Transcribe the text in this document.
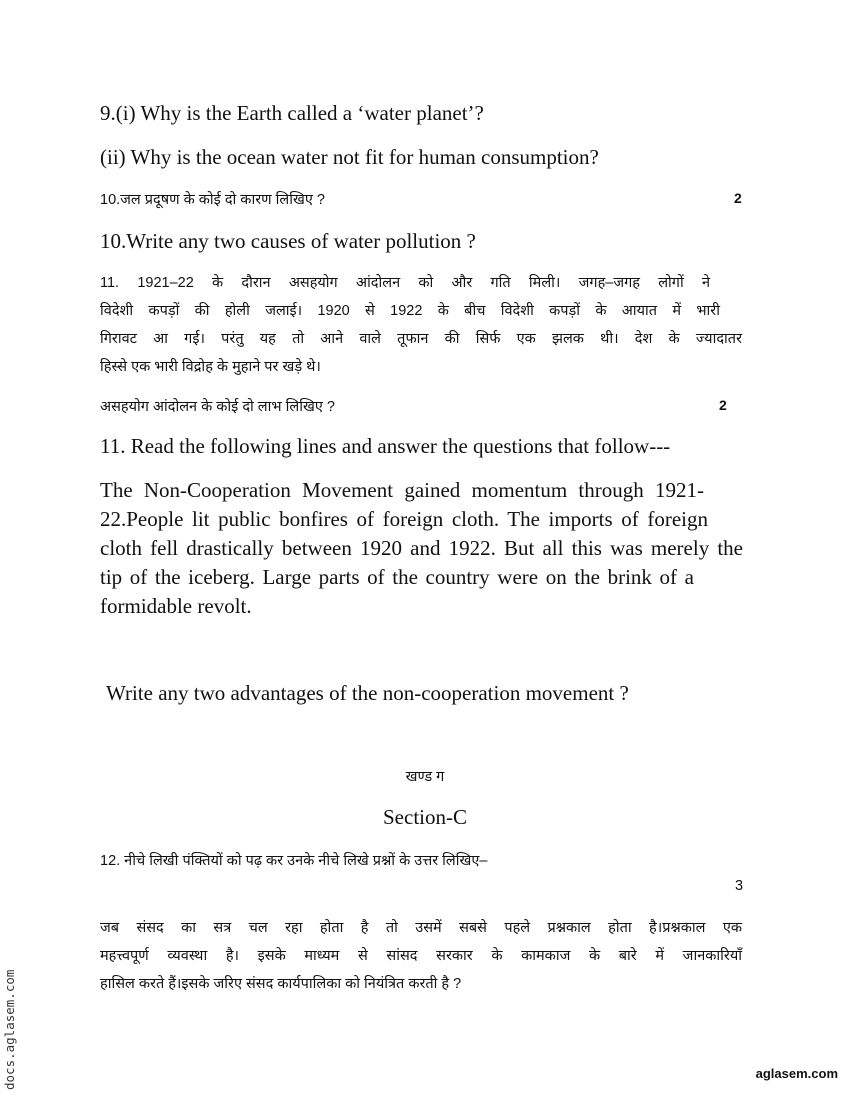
9.(i) Why is the Earth called a ‘water planet’?
(ii) Why is the ocean water not fit for human consumption?
10.जल प्रदूषण के कोई दो कारण लिखिए ?	2
10.Write any two causes of water pollution ?
11. 1921–22 के दौरान असहयोग आंदोलन को और गति मिली। जगह–जगह लोगों ने
विदेशी कपड़ों की होली जलाई। 1920 से 1922 के बीच विदेशी कपड़ों के आयात में भारी
गिरावट आ गई। परंतु यह तो आने वाले तूफान की सिर्फ एक झलक थी। देश के ज्यादातर
हिस्से एक भारी विद्रोह के मुहाने पर खड़े थे।
असहयोग आंदोलन के कोई दो लाभ लिखिए ?	2
11. Read the following lines and answer the questions that follow---
The Non-Cooperation Movement gained momentum through 1921-
22.People lit public bonfires of foreign cloth. The imports of foreign
cloth fell drastically between 1920 and 1922. But all this was merely the
tip of the iceberg. Large parts of the country were on the brink of a
formidable revolt.
Write any two advantages of the non-cooperation movement ?
खण्ड ग
Section-C
12. नीचे लिखी पंक्तियों को पढ़ कर उनके नीचे लिखे प्रश्नों के उत्तर लिखिए–
3
जब संसद का सत्र चल रहा होता है तो उसमें सबसे पहले प्रश्नकाल होता है।प्रश्नकाल एक
महत्त्वपूर्ण व्यवस्था है। इसके माध्यम से सांसद सरकार के कामकाज के बारे में जानकारियाँ
हासिल करते हैं।इसके जरिए संसद कार्यपालिका को नियंत्रित करती है ?
docs.aglasem.com	aglasem.com
